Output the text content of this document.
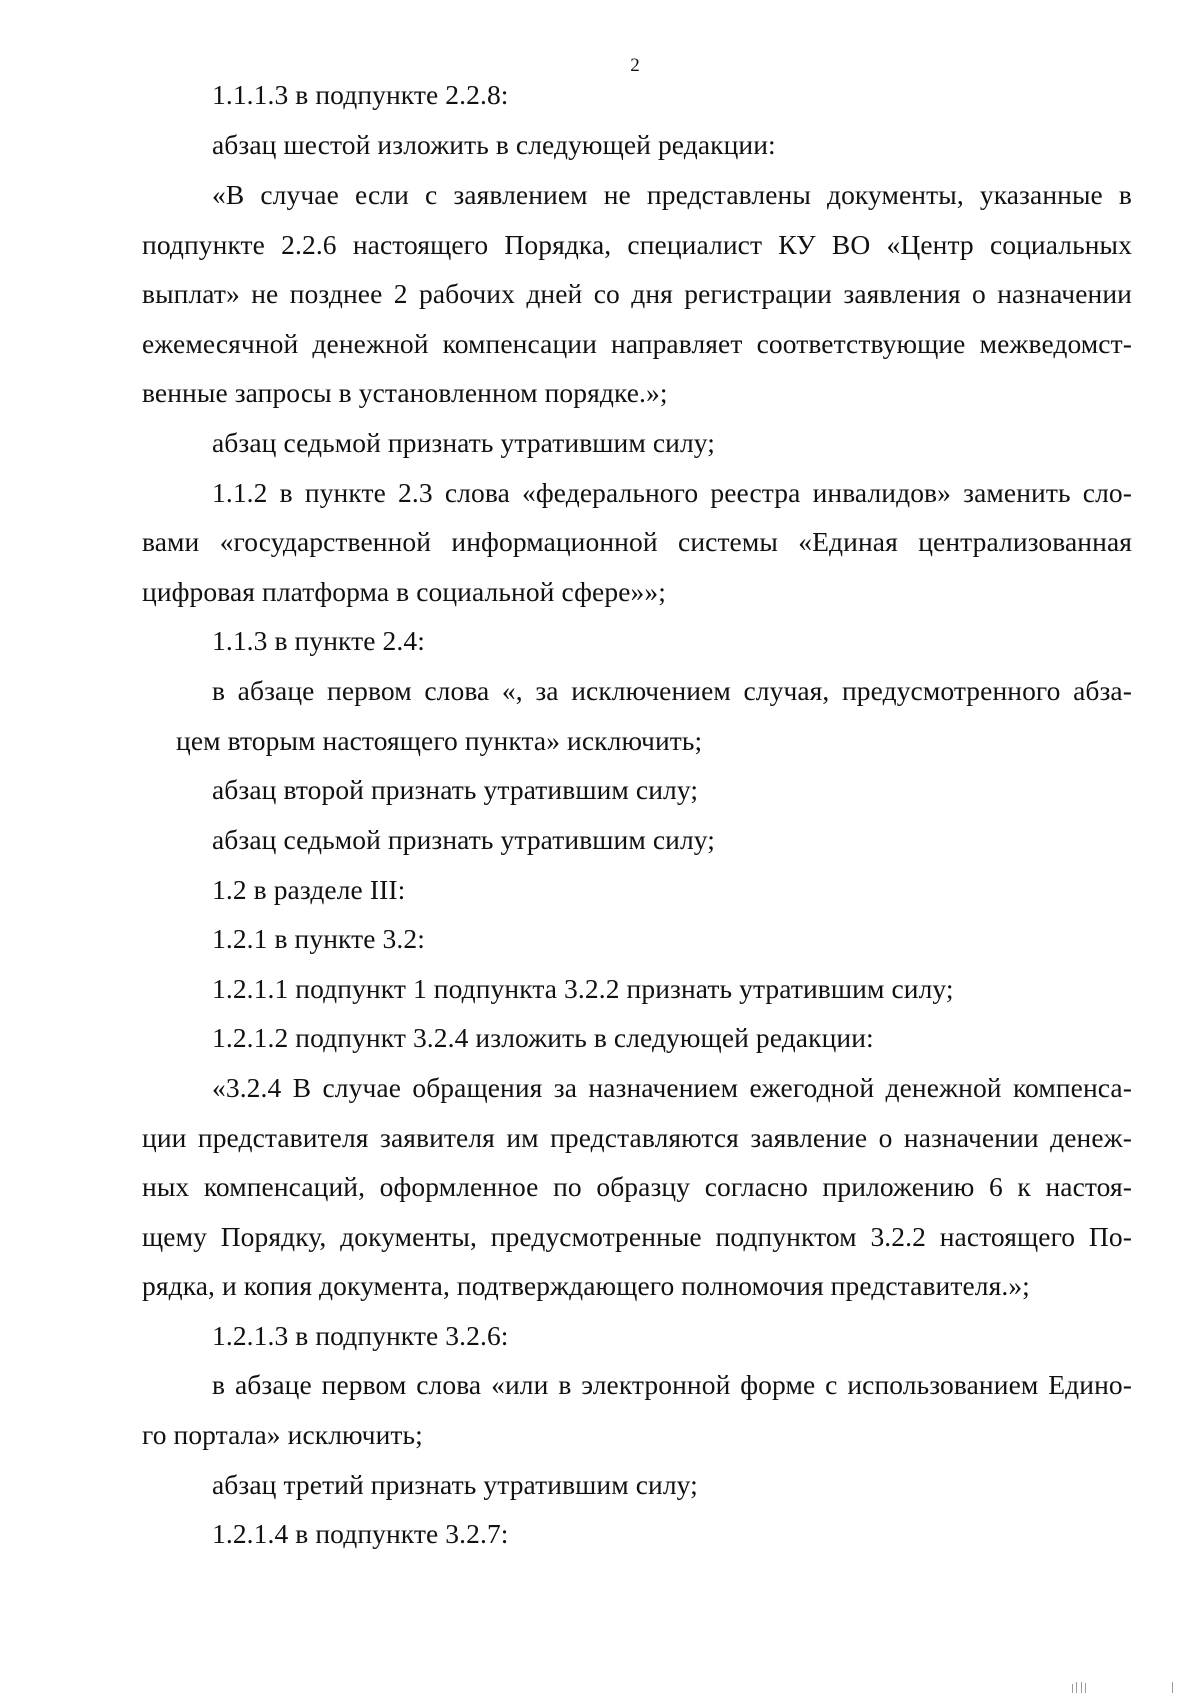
2
1.1.1.3 в подпункте 2.2.8:
абзац шестой изложить в следующей редакции:
«В случае если с заявлением не представлены документы, указанные в
подпункте 2.2.6 настоящего Порядка, специалист КУ ВО «Центр социальных
выплат» не позднее 2 рабочих дней со дня регистрации заявления о назначении
ежемесячной денежной компенсации направляет соответствующие межведомст-
венные запросы в установленном порядке.»;
абзац седьмой признать утратившим силу;
1.1.2 в пункте 2.3 слова «федерального реестра инвалидов» заменить сло-
вами «государственной информационной системы «Единая централизованная
цифровая платформа в социальной сфере»»;
1.1.3 в пункте 2.4:
в абзаце первом слова «, за исключением случая, предусмотренного абза-
цем вторым настоящего пункта» исключить;
абзац второй признать утратившим силу;
абзац седьмой признать утратившим силу;
1.2 в разделе III:
1.2.1 в пункте 3.2:
1.2.1.1 подпункт 1 подпункта 3.2.2 признать утратившим силу;
1.2.1.2 подпункт 3.2.4 изложить в следующей редакции:
«3.2.4 В случае обращения за назначением ежегодной денежной компенса-
ции представителя заявителя им представляются заявление о назначении денеж-
ных компенсаций, оформленное по образцу согласно приложению 6 к настоя-
щему Порядку, документы, предусмотренные подпунктом 3.2.2 настоящего По-
рядка, и копия документа, подтверждающего полномочия представителя.»;
1.2.1.3 в подпункте 3.2.6:
в абзаце первом слова «или в электронной форме с использованием Едино-
го портала» исключить;
абзац третий признать утратившим силу;
1.2.1.4 в подпункте 3.2.7:
